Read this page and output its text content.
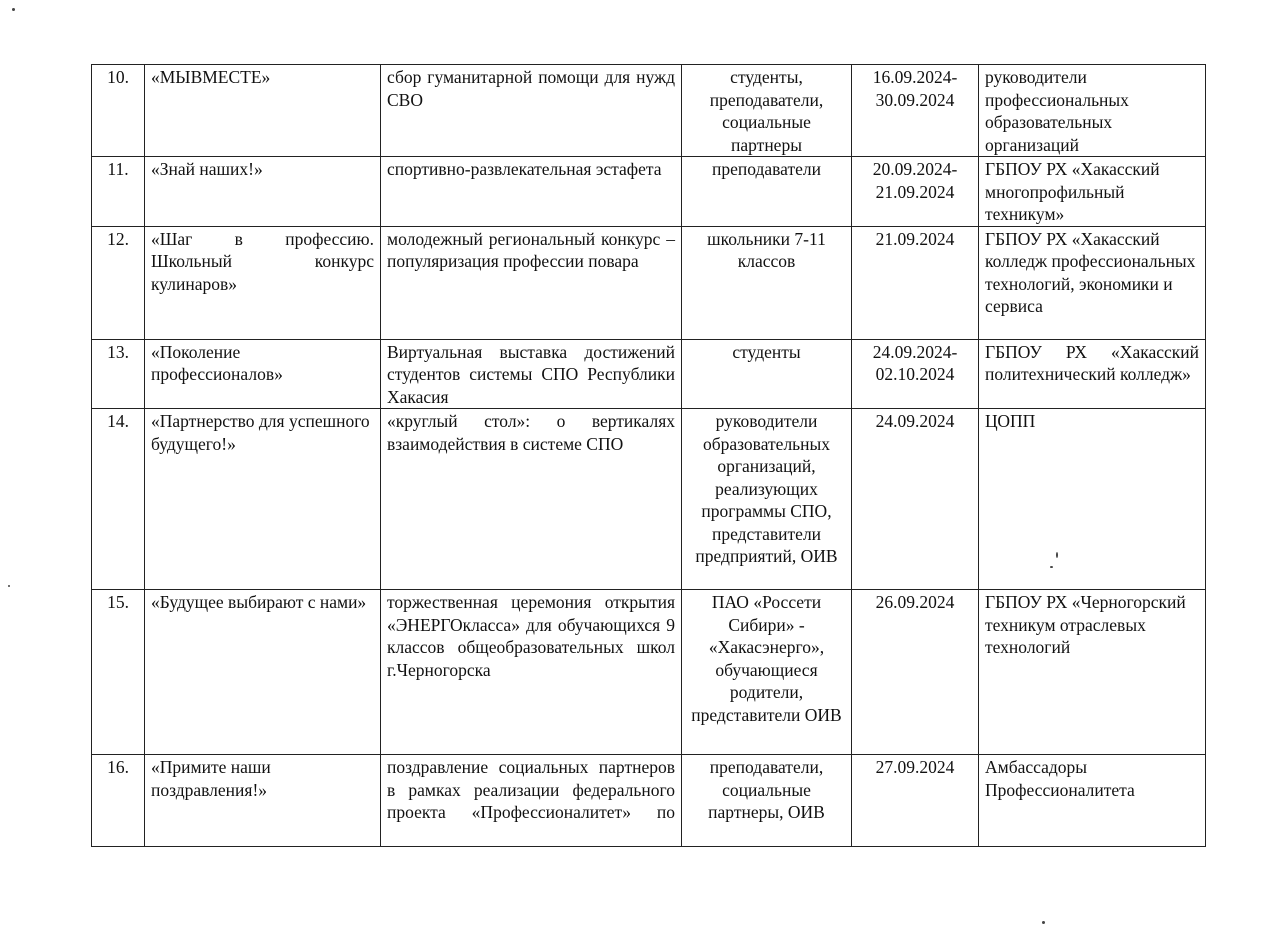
10.	«МЫВМЕСТЕ»	сбор гуманитарной помощи для нужд СВО	студенты, преподаватели, социальные партнеры	16.09.2024- 30.09.2024	руководители профессиональных образовательных организаций
11.	«Знай наших!»	спортивно-развлекательная эстафета	преподаватели	20.09.2024- 21.09.2024	ГБПОУ РХ «Хакасский многопрофильный техникум»
12.	«Шаг в профессию. Школьный конкурс кулинаров»	молодежный региональный конкурс – популяризация профессии повара	школьники 7-11 классов	21.09.2024	ГБПОУ РХ «Хакасский колледж профессиональных технологий, экономики и сервиса
13.	«Поколение профессионалов»	Виртуальная выставка достижений студентов системы СПО Республики Хакасия	студенты	24.09.2024- 02.10.2024	ГБПОУ РХ «Хакасский политехнический колледж»
14.	«Партнерство для успешного будущего!»	«круглый стол»: о вертикалях взаимодействия в системе СПО	руководители образовательных организаций, реализующих программы СПО, представители предприятий, ОИВ	24.09.2024	ЦОПП
15.	«Будущее выбирают с нами»	торжественная церемония открытия «ЭНЕРГОкласса» для обучающихся 9 классов общеобразовательных школ г.Черногорска	ПАО «Россети Сибири» - «Хакасэнерго», обучающиеся родители, представители ОИВ	26.09.2024	ГБПОУ РХ «Черногорский техникум отраслевых технологий
16.	«Примите наши поздравления!»	поздравление социальных партнеров в рамках реализации федерального проекта «Профессионалитет» по	преподаватели, социальные партнеры, ОИВ	27.09.2024	Амбассадоры Профессионалитета
